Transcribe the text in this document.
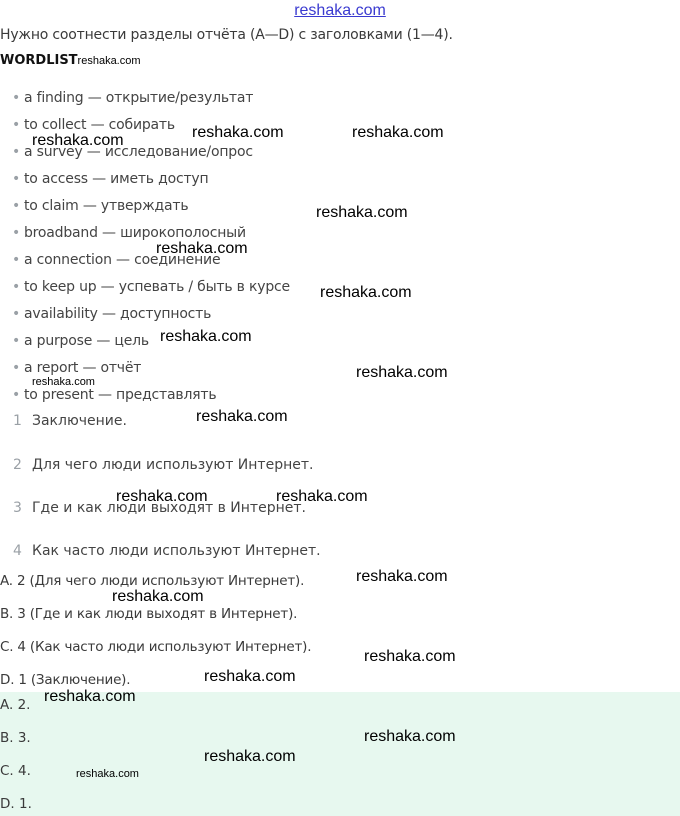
reshaka.com
Нужно соотнести разделы отчёта (A—D) с заголовками (1—4).
WORDLISTreshaka.com
• a finding — открытие/результат
• to collect — собирать
• a survey — исследование/опрос
• to access — иметь доступ
• to claim — утверждать
• broadband — широкополосный
• a connection — соединение
• to keep up — успевать / быть в курсе
• availability — доступность
• a purpose — цель
• a report — отчёт
• to present — представлять
1 Заключение.
2 Для чего люди используют Интернет.
3 Где и как люди выходят в Интернет.
4 Как часто люди используют Интернет.
A. 2 (Для чего люди используют Интернет).
B. 3 (Где и как люди выходят в Интернет).
C. 4 (Как часто люди используют Интернет).
D. 1 (Заключение).
A. 2.
B. 3.
C. 4.
D. 1.
reshaka.com	reshaka.com
reshaka.com
reshaka.com
reshaka.com
reshaka.com
reshaka.com
reshaka.com
reshaka.com
reshaka.com
reshaka.com	reshaka.com
reshaka.com
reshaka.com
reshaka.com
reshaka.com
reshaka.com
reshaka.com
reshaka.com
reshaka.com
